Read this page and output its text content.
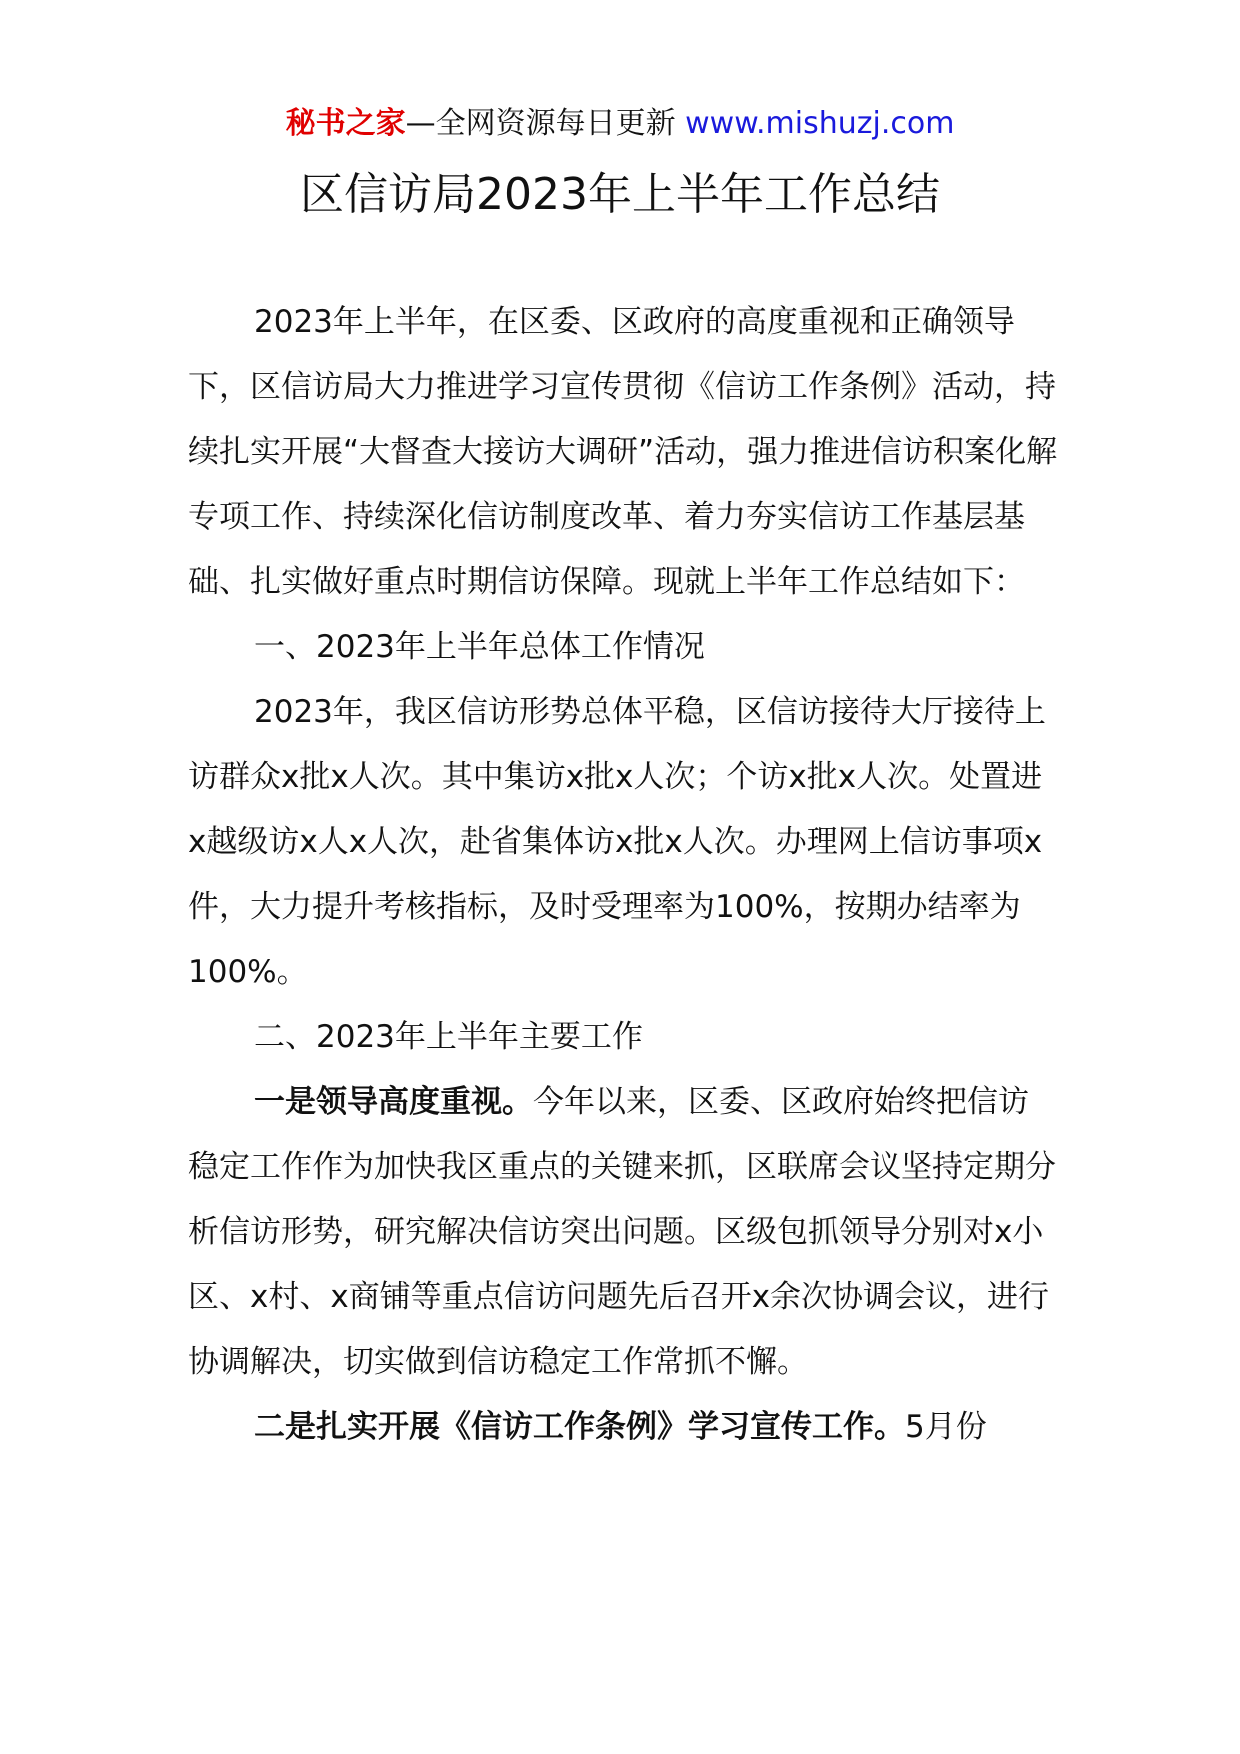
秘书之家—全网资源每日更新 www.mishuzj.com
区信访局2023年上半年工作总结

2023年上半年，在区委、区政府的高度重视和正确领导下，区信访局大力推进学习宣传贯彻《信访工作条例》活动，持续扎实开展“大督查大接访大调研”活动，强力推进信访积案化解专项工作、持续深化信访制度改革、着力夯实信访工作基层基础、扎实做好重点时期信访保障。现就上半年工作总结如下：

一、2023年上半年总体工作情况

2023年，我区信访形势总体平稳，区信访接待大厅接待上访群众x批x人次。其中集访x批x人次；个访x批x人次。处置进x越级访x人x人次，赴省集体访x批x人次。办理网上信访事项x件，大力提升考核指标，及时受理率为100%，按期办结率为100%。

二、2023年上半年主要工作

一是领导高度重视。今年以来，区委、区政府始终把信访稳定工作作为加快我区重点的关键来抓，区联席会议坚持定期分析信访形势，研究解决信访突出问题。区级包抓领导分别对x小区、x村、x商铺等重点信访问题先后召开x余次协调会议，进行协调解决，切实做到信访稳定工作常抓不懈。

二是扎实开展《信访工作条例》学习宣传工作。5月份
